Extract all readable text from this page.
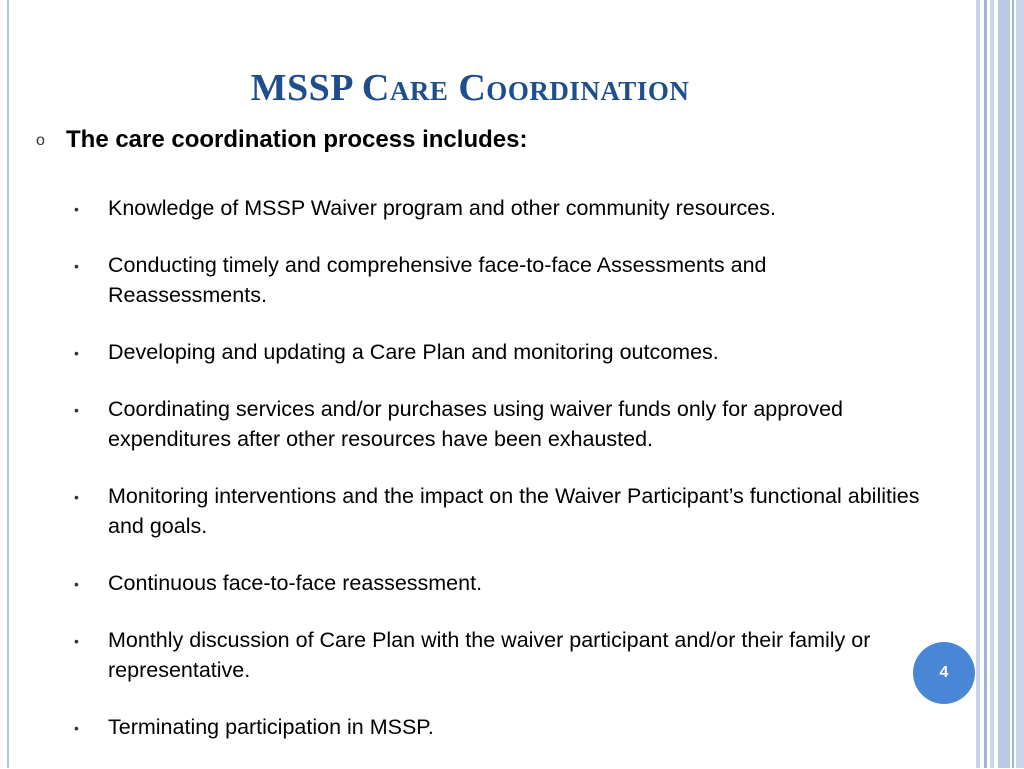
MSSP Care Coordination
o The care coordination process includes:
•	Knowledge of MSSP Waiver program and other community resources.
•	Conducting timely and comprehensive face-to-face Assessments and Reassessments.
•	Developing and updating a Care Plan and monitoring outcomes.
•	Coordinating services and/or purchases using waiver funds only for approved expenditures after other resources have been exhausted.
•	Monitoring interventions and the impact on the Waiver Participant’s functional abilities and goals.
•	Continuous face-to-face reassessment.
•	Monthly discussion of Care Plan with the waiver participant and/or their family or representative.
•	Terminating participation in MSSP.
4
